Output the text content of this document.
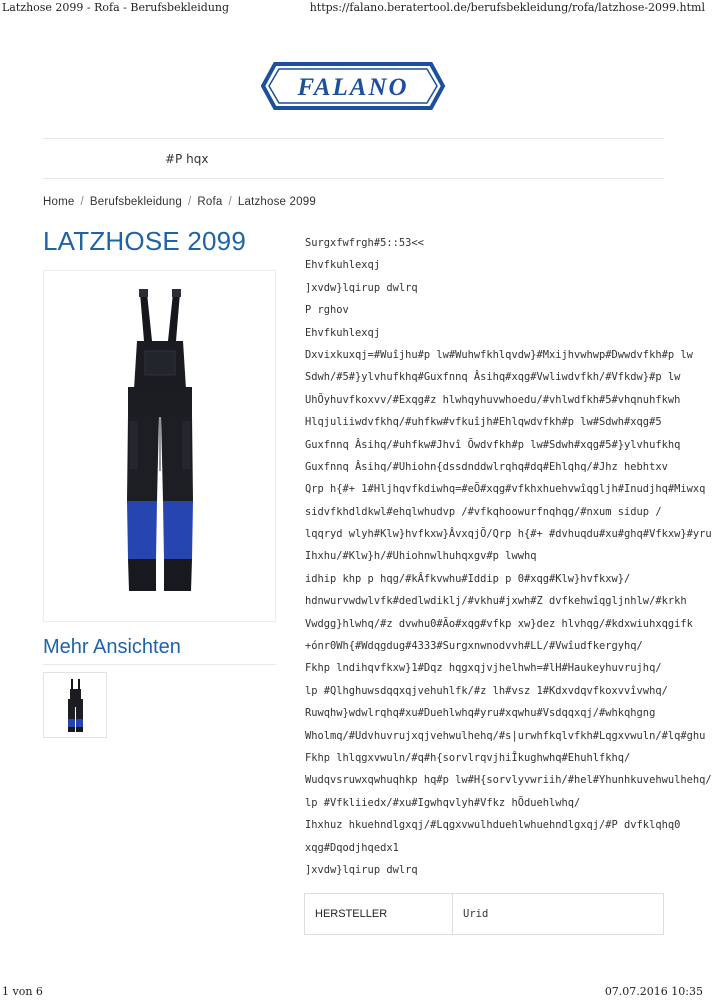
Latzhose 2099 - Rofa - Berufsbekleidung	https://falano.beratertool.de/berufsbekleidung/rofa/latzhose-2099.html
FALANO
#P hqx
Home / Berufsbekleidung / Rofa / Latzhose 2099
LATZHOSE 2099
Mehr Ansichten
Surgxfwfrgh#5::53<<
Ehvfkuhlexqj
]xvdw}lqirup dwlrq
P rghov
Ehvfkuhlexqj
Dxvixkuxqj=#Wuîjhu#p lw#Wuhwfkhlqvdw}#Mxijhvwhwp#Dwwdvfkh#p lw
Sdwh/#5#}ylvhufkhq#Guxfnnq Âsihq#xqg#Vwliwdvfkh/#Vfkdw}#p lw
UhÕyhuvfkoxvv/#Exqg#z hlwhqyhuvwhoedu/#vhlwdfkh#5#vhqnuhfkwh
Hlqjuliiwdvfkhq/#uhfkw#vfkuîjh#Ehlqwdvfkh#p lw#Sdwh#xqg#5
Guxfnnq Âsihq/#uhfkw#Jhvî Õwdvfkh#p lw#Sdwh#xqg#5#}ylvhufkhq
Guxfnnq Âsihq/#Uhiohn{dssdnddwlrqhq#dq#Ehlqhq/#Jhz hebhtxv
Qrp h{#+ 1#Hljhqvfkdiwhq=#eÕ#xqg#vfkhxhuehvwîqgljh#Inudjhq#Miwxq
sidvfkhdldkwl#ehqlwhudvp /#vfkqhoowurfnqhqg/#nxum sidup /
lqqryd wlyh#Klw}hvfkxw}ÂvxqjÕ/Qrp h{#+ #dvhuqdu#xu#ghq#Vfkxw}#yru
Ihxhu/#Klw}h/#Uhiohnwlhuhqxgv#p lwwhq
idhip khp p hqg/#kÂfkvwhu#Iddip p 0#xqg#Klw}hvfkxw}/
hdnwurvwdwlvfk#dedlwdiklj/#vkhu#jxwh#Z dvfkehwîqgljnhlw/#krkh
Vwdgg}hlwhq/#z dvwhu0#Ão#xqg#vfkp xw}dez hlvhqg/#kdxwiuhxqgifk
+ónr0Wh{#Wdqgdug#4333#Surgxnwnodvvh#LL/#Vwîudfkergyhq/
Fkhp lndihqvfkxw}1#Dqz hqgxqjvjhelhwh=#lH#Haukeyhuvrujhq/
lp #Qlhghuwsdqqxqjvehuhlfk/#z lh#vsz 1#Kdxvdqvfkoxvvîvwhq/
Ruwqhw}wdwlrqhq#xu#Duehlwhq#yru#xqwhu#Vsdqqxqj/#whkqhgng
Wholmq/#Udvhuvrujxqjvehwulhehq/#s|urwhfkqlvfkh#Lqgxvwuln/#lq#ghu
Fkhp lhlqgxvwuln/#q#h{sorvlrqvjhiÎkughwhq#Ehuhlfkhq/
Wudqvsruwxqwhuqhkp hq#p lw#H{sorvlyvwriih/#hel#Yhunhkuvehwulhehq/
lp #Vfkliiedx/#xu#Igwhqvlyh#Vfkz hÕduehlwhq/
Ihxhuz hkuehndlgxqj/#Lqgxvwulhduehlwhuehndlgxqj/#P dvfklqhq0
xqg#Dqodjhqedx1
]xvdw}lqirup dwlrq
HERSTELLER	Urid
1 von 6	07.07.2016 10:35
